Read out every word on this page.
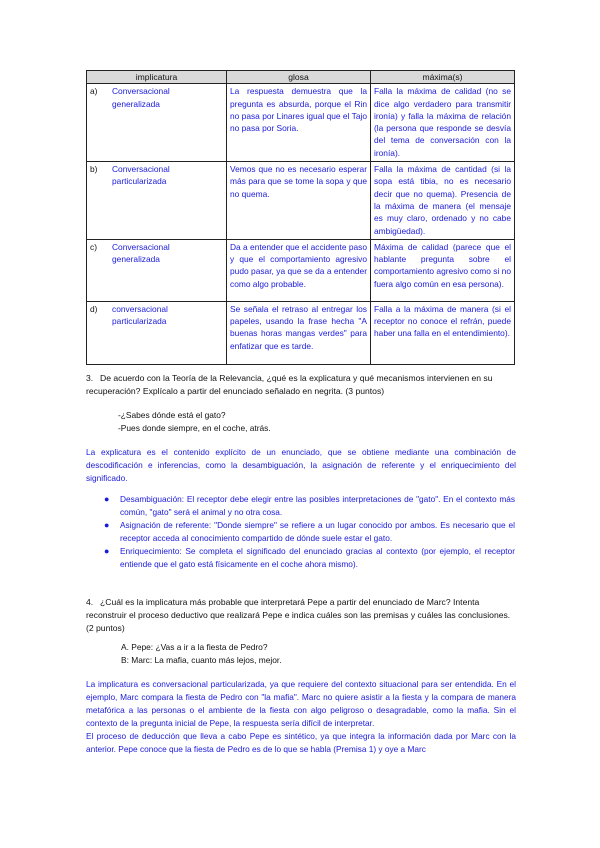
implicatura	glosa	máxima(s)
a) Conversacional generalizada	La respuesta demuestra que la pregunta es absurda, porque el Rin no pasa por Linares igual que el Tajo no pasa por Soria.	Falla la máxima de calidad (no se dice algo verdadero para transmitir ironía) y falla la máxima de relación (la persona que responde se desvía del tema de conversación con la ironía).
b) Conversacional particularizada	Vemos que no es necesario esperar más para que se tome la sopa y que no quema.	Falla la máxima de cantidad (si la sopa está tibia, no es necesario decir que no quema). Presencia de la máxima de manera (el mensaje es muy claro, ordenado y no cabe ambigüedad).
c) Conversacional generalizada	Da a entender que el accidente paso y que el comportamiento agresivo pudo pasar, ya que se da a entender como algo probable.	Máxima de calidad (parece que el hablante pregunta sobre el comportamiento agresivo como si no fuera algo común en esa persona).
d) conversacional particularizada	Se señala el retraso al entregar los papeles, usando la frase hecha "A buenas horas mangas verdes" para enfatizar que es tarde.	Falla a la máxima de manera (si el receptor no conoce el refrán, puede haber una falla en el entendimiento).
3. De acuerdo con la Teoría de la Relevancia, ¿qué es la explicatura y qué mecanismos intervienen en su recuperación? Explícalo a partir del enunciado señalado en negrita. (3 puntos)
-¿Sabes dónde está el gato?
-Pues donde siempre, en el coche, atrás.
La explicatura es el contenido explícito de un enunciado, que se obtiene mediante una combinación de descodificación e inferencias, como la desambiguación, la asignación de referente y el enriquecimiento del significado.
● Desambiguación: El receptor debe elegir entre las posibles interpretaciones de "gato". En el contexto más común, "gato" será el animal y no otra cosa.
● Asignación de referente: "Donde siempre" se refiere a un lugar conocido por ambos. Es necesario que el receptor acceda al conocimiento compartido de dónde suele estar el gato.
● Enriquecimiento: Se completa el significado del enunciado gracias al contexto (por ejemplo, el receptor entiende que el gato está físicamente en el coche ahora mismo).
4. ¿Cuál es la implicatura más probable que interpretará Pepe a partir del enunciado de Marc? Intenta reconstruir el proceso deductivo que realizará Pepe e indica cuáles son las premisas y cuáles las conclusiones. (2 puntos)
A. Pepe: ¿Vas a ir a la fiesta de Pedro?
B: Marc: La mafia, cuanto más lejos, mejor.
La implicatura es conversacional particularizada, ya que requiere del contexto situacional para ser entendida. En el ejemplo, Marc compara la fiesta de Pedro con "la mafia". Marc no quiere asistir a la fiesta y la compara de manera metafórica a las personas o el ambiente de la fiesta con algo peligroso o desagradable, como la mafia. Sin el contexto de la pregunta inicial de Pepe, la respuesta sería difícil de interpretar.
El proceso de deducción que lleva a cabo Pepe es sintético, ya que integra la información dada por Marc con la anterior. Pepe conoce que la fiesta de Pedro es de lo que se habla (Premisa 1) y oye a Marc
